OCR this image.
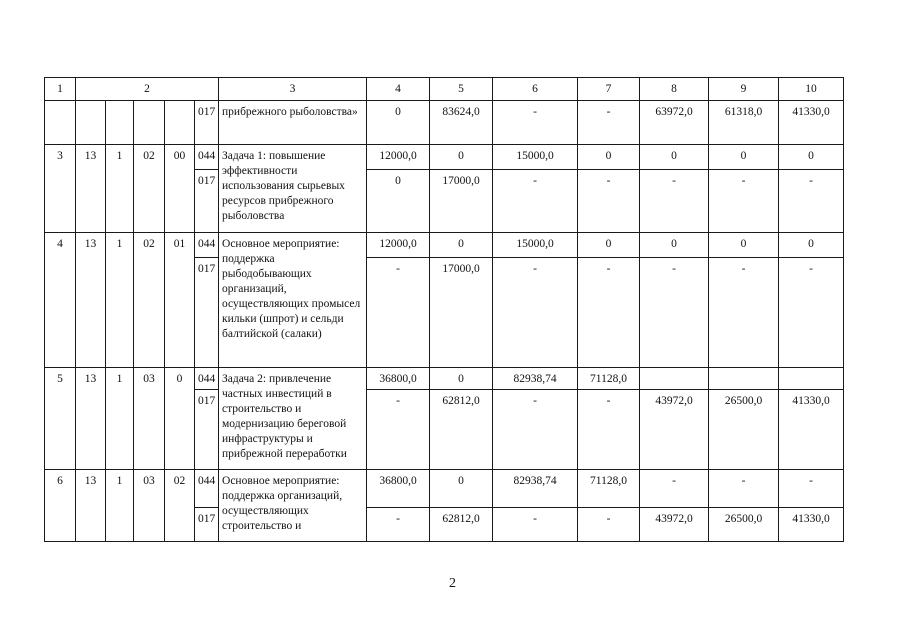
1	2					3	4	5	6	7	8	9	10

					017	прибрежного рыболовства»	0	83624,0	-	-	63972,0	61318,0	41330,0

3	13	1	02	00	044	Задача 1: повышение эффективности использования сырьевых ресурсов прибрежного рыболовства	12000,0	0	15000,0	0	0	0	0

					017		0	17000,0	-	-	-	-	-

4	13	1	02	01	044	Основное мероприятие: поддержка рыбодобывающих организаций, осуществляющих промысел кильки (шпрот) и сельди балтийской (салаки)	12000,0	0	15000,0	0	0	0	0

					017		-	17000,0	-	-	-	-	-

5	13	1	03	0	044	Задача 2: привлечение частных инвестиций в строительство и модернизацию береговой инфраструктуры и прибрежной переработки	36800,0	0	82938,74	71128,0			

					017		-	62812,0	-	-	43972,0	26500,0	41330,0

6	13	1	03	02	044	Основное мероприятие: поддержка организаций, осуществляющих строительство и	36800,0	0	82938,74	71128,0	-	-	-

					017		-	62812,0	-	-	43972,0	26500,0	41330,0
2
